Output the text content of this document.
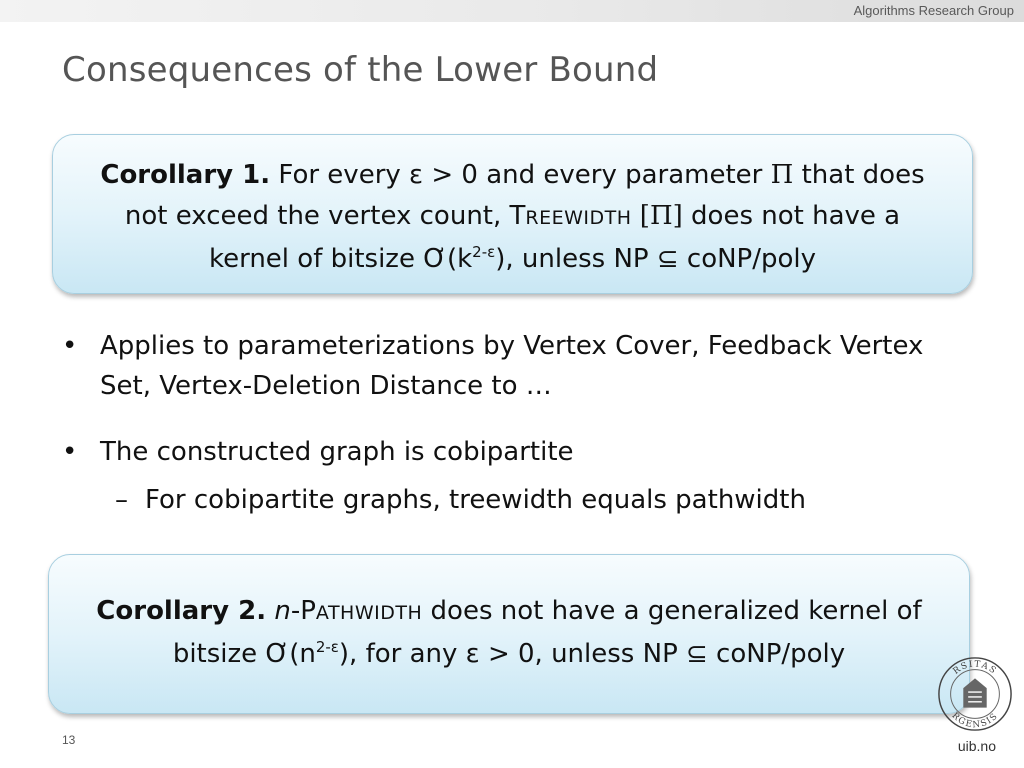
Algorithms Research Group
Consequences of the Lower Bound
Corollary 1. For every ε > 0 and every parameter Π that does not exceed the vertex count, TREEWIDTH [Π] does not have a kernel of bitsize $Ơ(k^{2-\varepsilon})$, unless NP ⊆ coNP/poly
• Applies to parameterizations by Vertex Cover, Feedback Vertex Set, Vertex-Deletion Distance to …
• The constructed graph is cobipartite
– For cobipartite graphs, treewidth equals pathwidth
Corollary 2. n-PATHWIDTH does not have a generalized kernel of bitsize $Ơ(n^{2-\varepsilon})$, for any ε > 0, unless NP ⊆ coNP/poly
13
RSITAS
RGENSIS
uib.no
